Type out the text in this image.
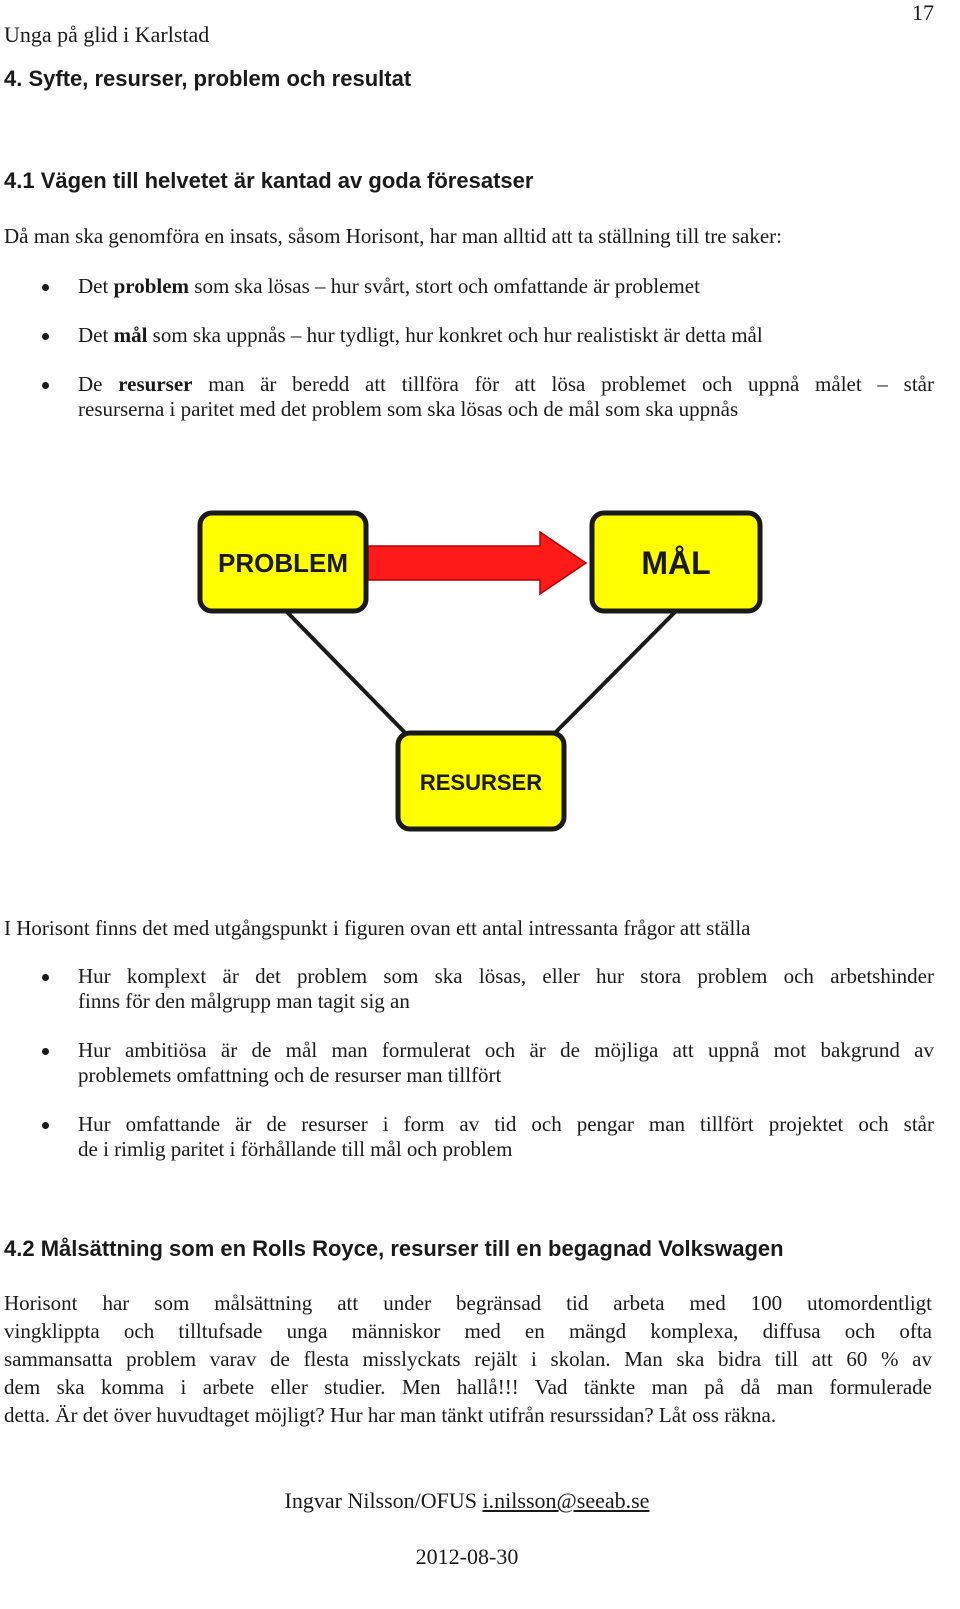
17
Unga på glid i Karlstad
4. Syfte, resurser, problem och resultat
4.1 Vägen till helvetet är kantad av goda föresatser
Då man ska genomföra en insats, såsom Horisont, har man alltid att ta ställning till tre saker:
Det problem som ska lösas – hur svårt, stort och omfattande är problemet
Det mål som ska uppnås – hur tydligt, hur konkret och hur realistiskt är detta mål
De resurser man är beredd att tillföra för att lösa problemet och uppnå målet – står
resurserna i paritet med det problem som ska lösas och de mål som ska uppnås
PROBLEM	MÅL
RESURSER
I Horisont finns det med utgångspunkt i figuren ovan ett antal intressanta frågor att ställa
Hur komplext är det problem som ska lösas, eller hur stora problem och arbetshinder
finns för den målgrupp man tagit sig an
Hur ambitiösa är de mål man formulerat och är de möjliga att uppnå mot bakgrund av
problemets omfattning och de resurser man tillfört
Hur omfattande är de resurser i form av tid och pengar man tillfört projektet och står
de i rimlig paritet i förhållande till mål och problem
4.2 Målsättning som en Rolls Royce, resurser till en begagnad Volkswagen
Horisont har som målsättning att under begränsad tid arbeta med 100 utomordentligt
vingklippta och tilltufsade unga människor med en mängd komplexa, diffusa och ofta
sammansatta problem varav de flesta misslyckats rejält i skolan. Man ska bidra till att 60 % av
dem ska komma i arbete eller studier. Men hallå!!! Vad tänkte man på då man formulerade
detta. Är det över huvudtaget möjligt? Hur har man tänkt utifrån resurssidan? Låt oss räkna.
Ingvar Nilsson/OFUS i.nilsson@seeab.se
2012-08-30
